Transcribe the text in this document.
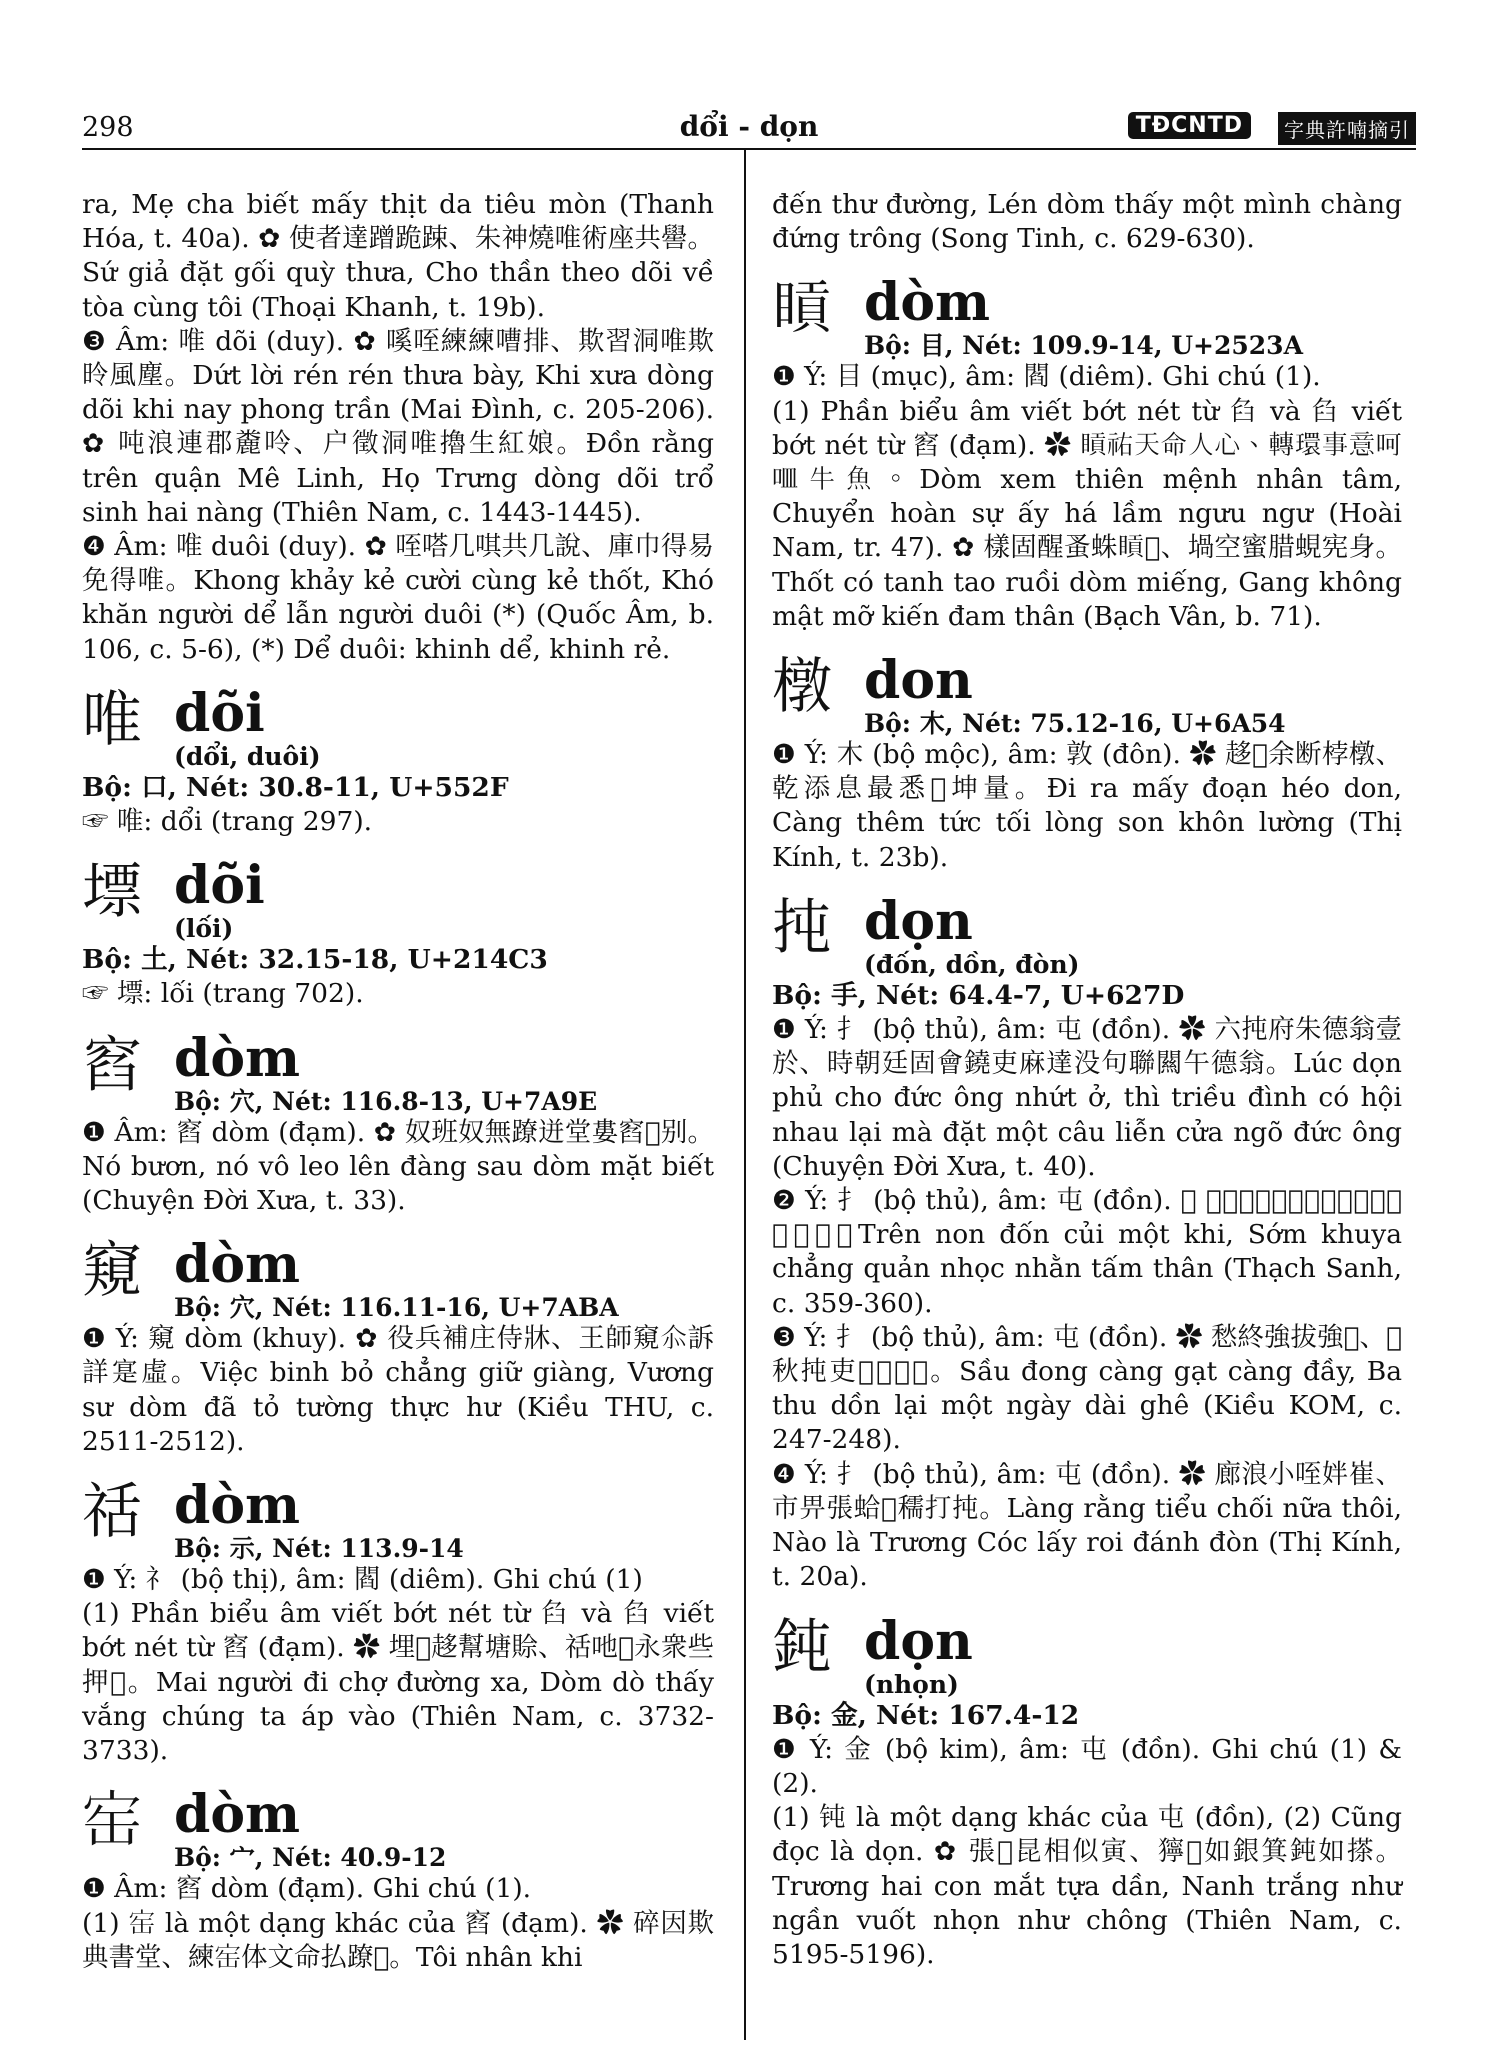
298	dổi - dọn	TĐCNTD	字典許喃摘引

ra, Mẹ cha biết mấy thịt da tiêu mòn (Thanh Hóa, t. 40a). ✿ 使者達蹭跪踈、朱神燒唯術座共嚳。Sứ giả đặt gối quỳ thưa, Cho thần theo dõi về tòa cùng tôi (Thoại Khanh, t. 19b).

❸ Âm: 唯 dõi (duy). ✿ 嗘咥練練嘈排、欺習洞唯欺昤風塵。Dứt lời rén rén thưa bày, Khi xưa dòng dõi khi nay phong trần (Mai Đình, c. 205-206). ✿ 吨浪連郡麊呤、户徵洞唯擼生紅娘。Đồn rằng trên quận Mê Linh, Họ Trưng dòng dõi trổ sinh hai nàng (Thiên Nam, c. 1443-1445).

❹ Âm: 唯 duôi (duy). ✿ 咥嗒几唭共几說、庫巾得易免得唯。Khong khảy kẻ cười cùng kẻ thốt, Khó khăn người dể lẫn người duôi (*) (Quốc Âm, b. 106, c. 5-6), (*) Dể duôi: khinh dể, khinh rẻ.

唯 dõi
(dổi, duôi)
Bộ: 口, Nét: 30.8-11, U+552F

☞ 唯: dổi (trang 297).

墂 dõi
(lối)
Bộ: 土, Nét: 32.15-18, U+214C3

☞ 墂: lối (trang 702).

窞 dòm
Bộ: 穴, Nét: 116.8-13, U+7A9E

❶ Âm: 窞 dòm (đạm). ✿ 奴班奴無蹽迸堂婁窞𥺌别。Nó bươn, nó vô leo lên đàng sau dòm mặt biết (Chuyện Đời Xưa, t. 33).

窺 dòm
Bộ: 穴, Nét: 116.11-16, U+7ABA

❶ Ý: 窺 dòm (khuy). ✿ 役兵補庄侍牀、王師窺𠇍訴詳寔虛。Việc binh bỏ chẳng giữ giàng, Vương sư dòm đã tỏ tường thực hư (Kiều THU, c. 2511-2512).

䄆 dòm
Bộ: 示, Nét: 113.9-14

❶ Ý: 礻 (bộ thị), âm: 閻 (diêm). Ghi chú (1)

(1) Phần biểu âm viết bớt nét từ 臽 và 臽 viết bớt nét từ 窞 (đạm). ✿ 埋𠊚趍幫塘賒、䄆吔𠸗永衆些押𠓨。Mai người đi chợ đường xa, Dòm dò thấy vắng chúng ta áp vào (Thiên Nam, c. 3732-3733).

𡧰 dòm
Bộ: 宀, Nét: 40.9-12

❶ Âm: 窞 dòm (đạm). Ghi chú (1).

(1) 𡧰 là một dạng khác của 窞 (đạm). ✿ 碎因欺典書堂、練𡧰体文命払蹽𨅸。Tôi nhân khi

đến thư đường, Lén dòm thấy một mình chàng đứng trông (Song Tinh, c. 629-630).

𥈿 dòm
Bộ: 目, Nét: 109.9-14, U+2523A

❶ Ý: 目 (mục), âm: 閻 (diêm). Ghi chú (1).

(1) Phần biểu âm viết bớt nét từ 臽 và 臽 viết bớt nét từ 窞 (đạm). ✿ 𥈿祐天命人心、轉環事意呵𠰘牛魚。Dòm xem thiên mệnh nhân tâm, Chuyển hoàn sự ấy há lầm ngưu ngư (Hoài Nam, tr. 47). ✿ 樣固醒蚤蛛𥈿𠸗、堝空蜜腊蜆宪身。Thốt có tanh tao ruồi dòm miếng, Gang không mật mỡ kiến đam thân (Bạch Vân, b. 71).

橔 don
Bộ: 木, Nét: 75.12-16, U+6A54

❶ Ý: 木 (bộ mộc), âm: 敦 (đôn). ✿ 趍𧿨余断桲橔、乾添息最悉𤕔坤量。Đi ra mấy đoạn héo don, Càng thêm tức tối lòng son khôn lường (Thị Kính, t. 23b).

扽 dọn
(đốn, dồn, đòn)
Bộ: 手, Nét: 64.4-7, U+627D

❶ Ý: 扌 (bộ thủ), âm: 屯 (đồn). ✿ 六扽府朱德翁壹於、時朝廷固會鐃吏麻達没句聯闗午德翁。Lúc dọn phủ cho đức ông nhứt ở, thì triều đình có hội nhau lại mà đặt một câu liễn cửa ngõ đức ông (Chuyện Đời Xưa, t. 40).

❷ Ý: 扌 (bộ thủ), âm: 屯 (đồn). ✿ 𨕭𡽫扽檜𦾼欺、𣋽𡖼庄管辱㑲𠶢身。Trên non đốn củi một khi, Sớm khuya chẳng quản nhọc nhằn tấm thân (Thạch Sanh, c. 359-360).

❸ Ý: 扌 (bộ thủ), âm: 屯 (đồn). ✿ 愁終強拔強𣼱、𠀧秋扽吏𠬠𣈜𨱽𥟉。Sầu đong càng gạt càng đầy, Ba thu dồn lại một ngày dài ghê (Kiều KOM, c. 247-248).

❹ Ý: 扌 (bộ thủ), âm: 屯 (đồn). ✿ 廊浪小咥姅崔、市畀張蛤𥚄穤打扽。Làng rằng tiểu chối nữa thôi, Nào là Trương Cóc lấy roi đánh đòn (Thị Kính, t. 20a).

鈍 dọn
(nhọn)
Bộ: 金, Nét: 167.4-12

❶ Ý: 金 (bộ kim), âm: 屯 (đồn). Ghi chú (1) & (2).

(1) 钝 là một dạng khác của 屯 (đồn), (2) Cũng đọc là dọn. ✿ 張𡗶昆相似寅、獰𠾕如銀箕鈍如搽。Trương hai con mắt tựa dần, Nanh trắng như ngần vuốt nhọn như chông (Thiên Nam, c. 5195-5196).
